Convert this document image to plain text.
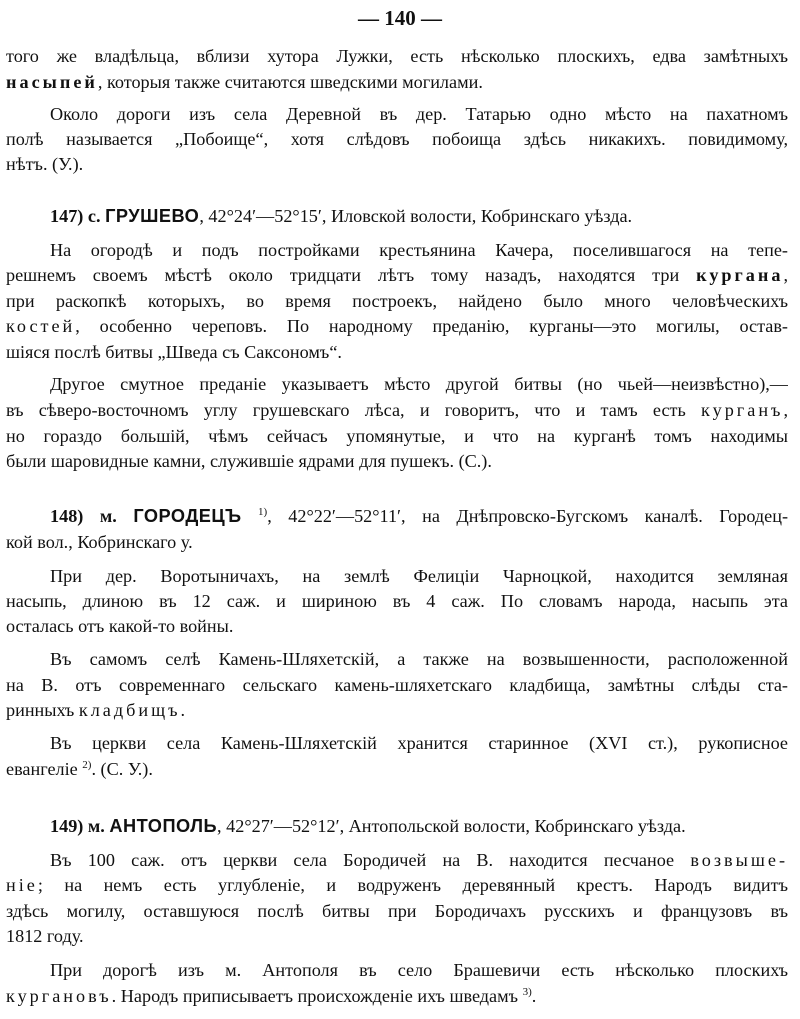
— 140 —

того же владѣльца, вблизи хутора Лужки, есть нѣсколько плоскихъ, едва замѣтныхъ

насыпей, которыя также считаются шведскими могилами.

Около дороги изъ села Деревной въ дер. Татарью одно мѣсто на пахатномъ

полѣ называется „Побоище“, хотя слѣдовъ побоища здѣсь никакихъ. повидимому,

нѣтъ. (У.).

147) с. ГРУШЕВО, 42°24′—52°15′, Иловской волости, Кобринскаго уѣзда.

На огородѣ и подъ постройками крестьянина Качера, поселившагося на тепе-

решнемъ своемъ мѣстѣ около тридцати лѣтъ тому назадъ, находятся три кургана,

при раскопкѣ которыхъ, во время построекъ, найдено было много человѣческихъ

костей, особенно череповъ. По народному преданію, курганы—это могилы, остав-

шіяся послѣ битвы „Шведа съ Саксономъ“.

Другое смутное преданіе указываетъ мѣсто другой битвы (но чьей—неизвѣстно),—

въ сѣверо-восточномъ углу грушевскаго лѣса, и говоритъ, что и тамъ есть курганъ,

но гораздо большій, чѣмъ сейчасъ упомянутые, и что на курганѣ томъ находимы

были шаровидные камни, служившіе ядрами для пушекъ. (С.).

148) м. ГОРОДЕЦЪ $^{1)}$, 42°22′—52°11′, на Днѣпровско-Бугскомъ каналѣ. Городец-

кой вол., Кобринскаго у.

При дер. Воротыничахъ, на землѣ Фелиціи Чарноцкой, находится земляная

насыпь, длиною въ 12 саж. и шириною въ 4 саж. По словамъ народа, насыпь эта

осталась отъ какой-то войны.

Въ самомъ селѣ Камень-Шляхетскій, а также на возвышенности, расположенной

на В. отъ современнаго сельскаго камень-шляхетскаго кладбища, замѣтны слѣды ста-

ринныхъ кладбищъ.

Въ церкви села Камень-Шляхетскій хранится старинное (XVI ст.), рукописное

евангеліе $^{2)}$. (С. У.).

149) м. АНТОПОЛЬ, 42°27′—52°12′, Антопольской волости, Кобринскаго уѣзда.

Въ 100 саж. отъ церкви села Бородичей на В. находится песчаное возвыше-

ніе; на немъ есть углубленіе, и водруженъ деревянный крестъ. Народъ видитъ

здѣсь могилу, оставшуюся послѣ битвы при Бородичахъ русскихъ и французовъ въ

1812 году.

При дорогѣ изъ м. Антополя въ село Брашевичи есть нѣсколько плоскихъ

кургановъ. Народъ приписываетъ происхожденіе ихъ шведамъ $^{3)}$.
